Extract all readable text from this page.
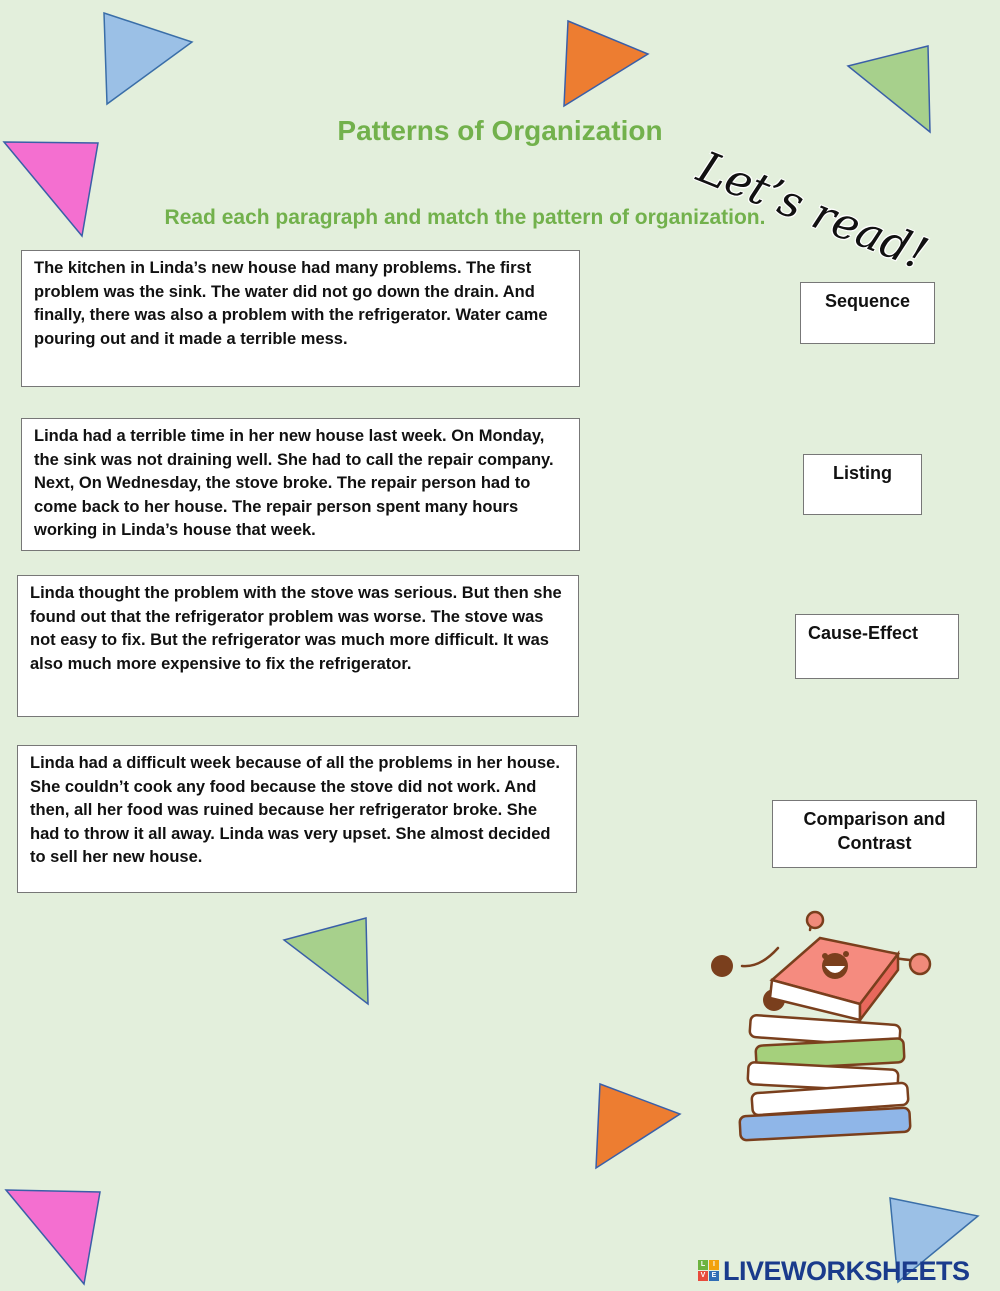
Patterns of Organization
Let’s read!
Read each paragraph and match the pattern of organization.
The kitchen in Linda’s new house had many problems. The first problem was the sink. The water did not go down the drain. And finally, there was also a problem with the refrigerator. Water came pouring out and it made a terrible mess.
Linda had a terrible time in her new house last week. On Monday, the sink was not draining well. She had to call the repair company. Next, On Wednesday, the stove broke. The repair person had to come back to her house. The repair person spent many hours working in Linda’s house that week.
Linda thought the problem with the stove was serious. But then she found out that the refrigerator problem was worse. The stove was not easy to fix. But the refrigerator was much more difficult. It was also much more expensive to fix the refrigerator.
Linda had a difficult week because of all the problems in her house. She couldn’t cook any food because the stove did not work. And then, all her food was ruined because her refrigerator broke. She had to throw it all away. Linda was very upset. She almost decided to sell her new house.
Sequence
Listing
Cause-Effect
Comparison and Contrast
L	I
V E LIVEWORKSHEETS
